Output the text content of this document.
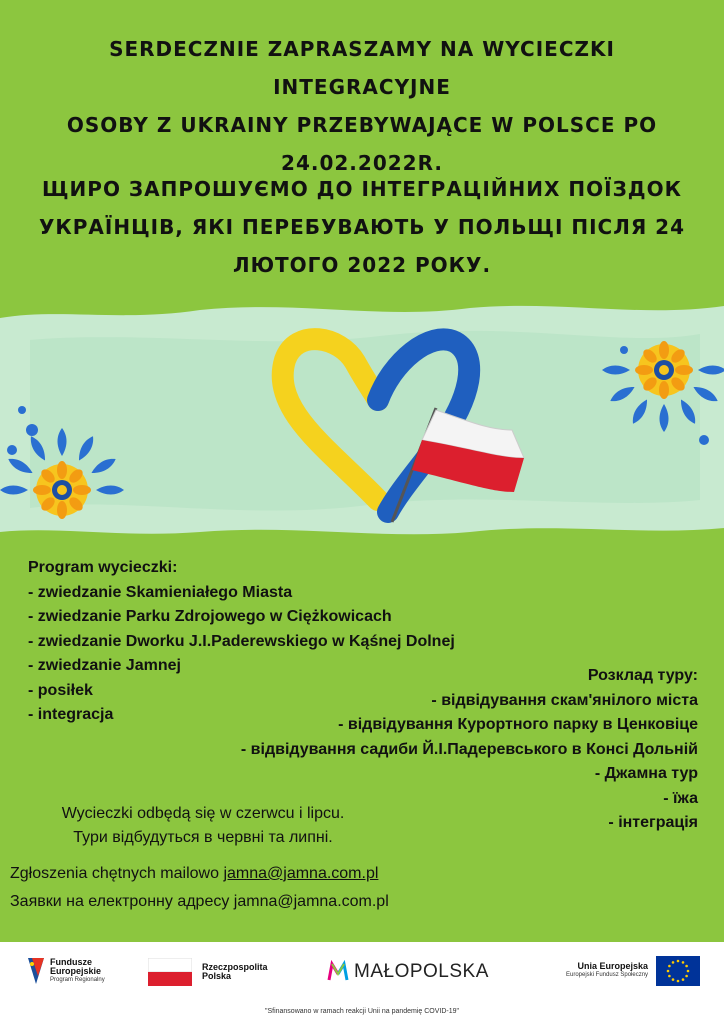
SERDECZNIE ZAPRASZAMY NA WYCIECZKI INTEGRACYJNE
OSOBY Z UKRAINY PRZEBYWAJĄCE W POLSCE PO
24.02.2022R.
ЩИРО ЗАПРОШУЄМО ДО ІНТЕГРАЦІЙНИХ ПОЇЗДОК
УКРАЇНЦІВ, ЯКІ ПЕРЕБУВАЮТЬ У ПОЛЬЩІ ПІСЛЯ 24
ЛЮТОГО 2022 РОКУ.
Program wycieczki:
- zwiedzanie Skamieniałego Miasta
- zwiedzanie Parku Zdrojowego w Ciężkowicach
- zwiedzanie Dworku J.I.Paderewskiego w Kąśnej Dolnej
- zwiedzanie Jamnej
- posiłek
- integracja
Розклад туру:
- відвідування скам'янілого міста
- відвідування Курортного парку в Ценковіце
- відвідування садиби Й.І.Падеревського в Консі Дольній
- Джамна тур
- їжа
- інтеграція
Wycieczki odbędą się w czerwcu i lipcu.
Тури відбудуться в червні та липні.
Zgłoszenia chętnych mailowo jamna@jamna.com.pl
Заявки на електронну адресу jamna@jamna.com.pl
Fundusze
Europejskie
Program Regionalny
Rzeczpospolita
Polska	MAŁOPOLSKA	Unia Europejska
Europejski Fundusz Społeczny
"Sfinansowano w ramach reakcji Unii na pandemię COVID-19"
